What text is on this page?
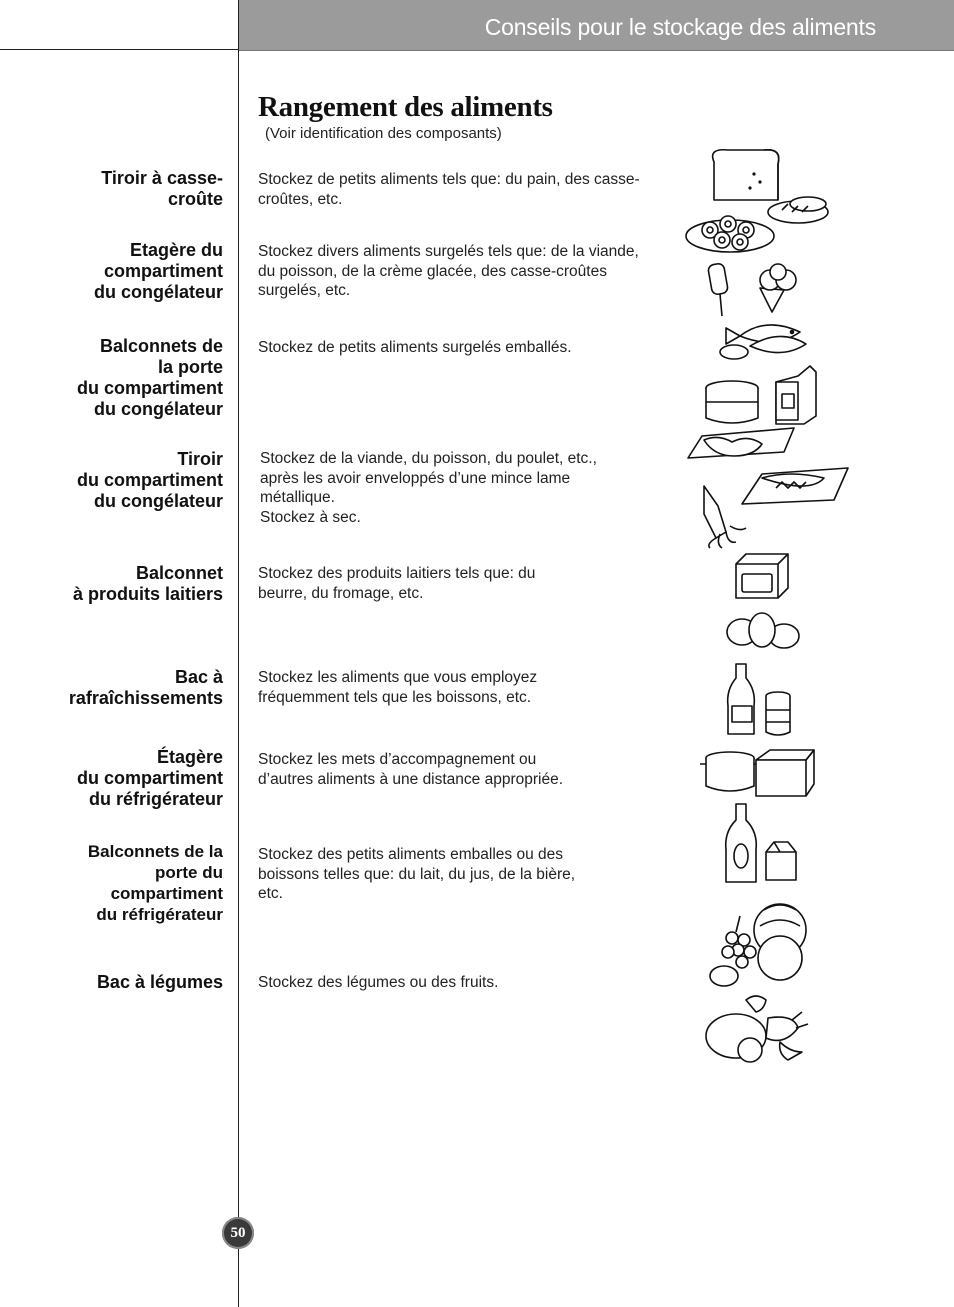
Conseils pour le stockage des aliments
Rangement des aliments
(Voir identification des composants)
Tiroir à casse-
croûte
Stockez de petits aliments tels que: du pain, des casse-
croûtes, etc.
Etagère du
compartiment
du congélateur
Stockez divers aliments surgelés tels que: de la viande,
du poisson, de la crème glacée, des casse-croûtes
surgelés, etc.
Balconnets de
la porte
du compartiment
du congélateur
Stockez de petits aliments surgelés emballés.
Tiroir
du compartiment
du congélateur
Stockez de la viande, du poisson, du poulet, etc.,
après les avoir enveloppés d’une mince lame
métallique.
Stockez à sec.
Balconnet
à produits laitiers
Stockez des produits laitiers tels que: du
beurre, du fromage, etc.
Bac à
rafraîchissements
Stockez les aliments que vous employez
fréquemment tels que les boissons, etc.
Étagère
du compartiment
du réfrigérateur
Stockez les mets d’accompagnement ou
d’autres aliments à une distance appropriée.
Balconnets de la
porte du
compartiment
du réfrigérateur
Stockez des petits aliments emballes ou des
boissons telles que: du lait, du jus, de la bière,
etc.
Bac à légumes Stockez des légumes ou des fruits.
50
